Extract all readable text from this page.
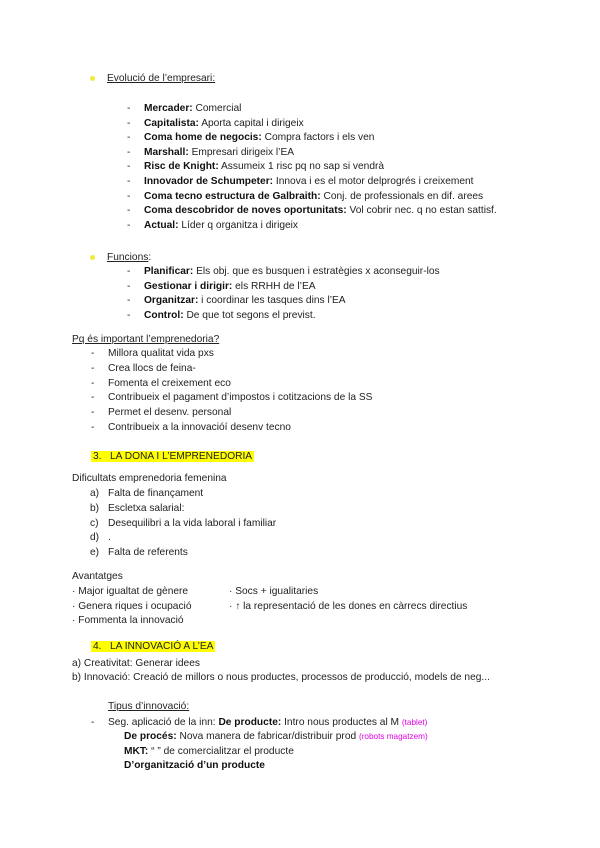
Evolució de l’empresari:
- Mercader: Comercial
- Capitalista: Aporta capital i dirigeix
- Coma home de negocis: Compra factors i els ven
- Marshall: Empresari dirigeix l’EA
- Risc de Knight: Assumeix 1 risc pq no sap si vendrà
- Innovador de Schumpeter: Innova i es el motor delprogrés i creixement
- Coma tecno estructura de Galbraith: Conj. de professionals en dif. arees
- Coma descobridor de noves oportunitats: Vol cobrir nec. q no estan sattisf.
- Actual: Líder q organitza i dirigeix
Funcions:
- Planificar: Els obj. que es busquen i estratègies x aconseguir-los
- Gestionar i dirigir: els RRHH de l’EA
- Organitzar: i coordinar les tasques dins l’EA
- Control: De que tot segons el previst.
Pq és important l’emprenedoria?
- Millora qualitat vida pxs
- Crea llocs de feina-
- Fomenta el creixement eco
- Contribueix el pagament d’impostos i cotitzacions de la SS
- Permet el desenv. personal
- Contribueix a la innovacióí desenv tecno
3. LA DONA I L’EMPRENEDORIA
Dificultats emprenedoria femenina
a) Falta de finançament
b) Escletxa salarial:
c) Desequilibri a la vida laboral i familiar
d) .
e) Falta de referents
Avantatges
· Major igualtat de gènere
· Genera riques i ocupació
· Fommenta la innovació
· Socs + igualitaries
· ↑ la representació de les dones en càrrecs directius
4. LA INNOVACIÓ A L’EA
a) Creativitat: Generar idees
b) Innovació: Creació de millors o nous productes, processos de producció, models de neg...
Tipus d’innovació:
- Seg. aplicació de la inn: De producte: Intro nous productes al M (tablet)
De procés: Nova manera de fabricar/distribuir prod (robots magatzem)
MKT: “ ” de comercialitzar el producte
D’organització d’un producte
